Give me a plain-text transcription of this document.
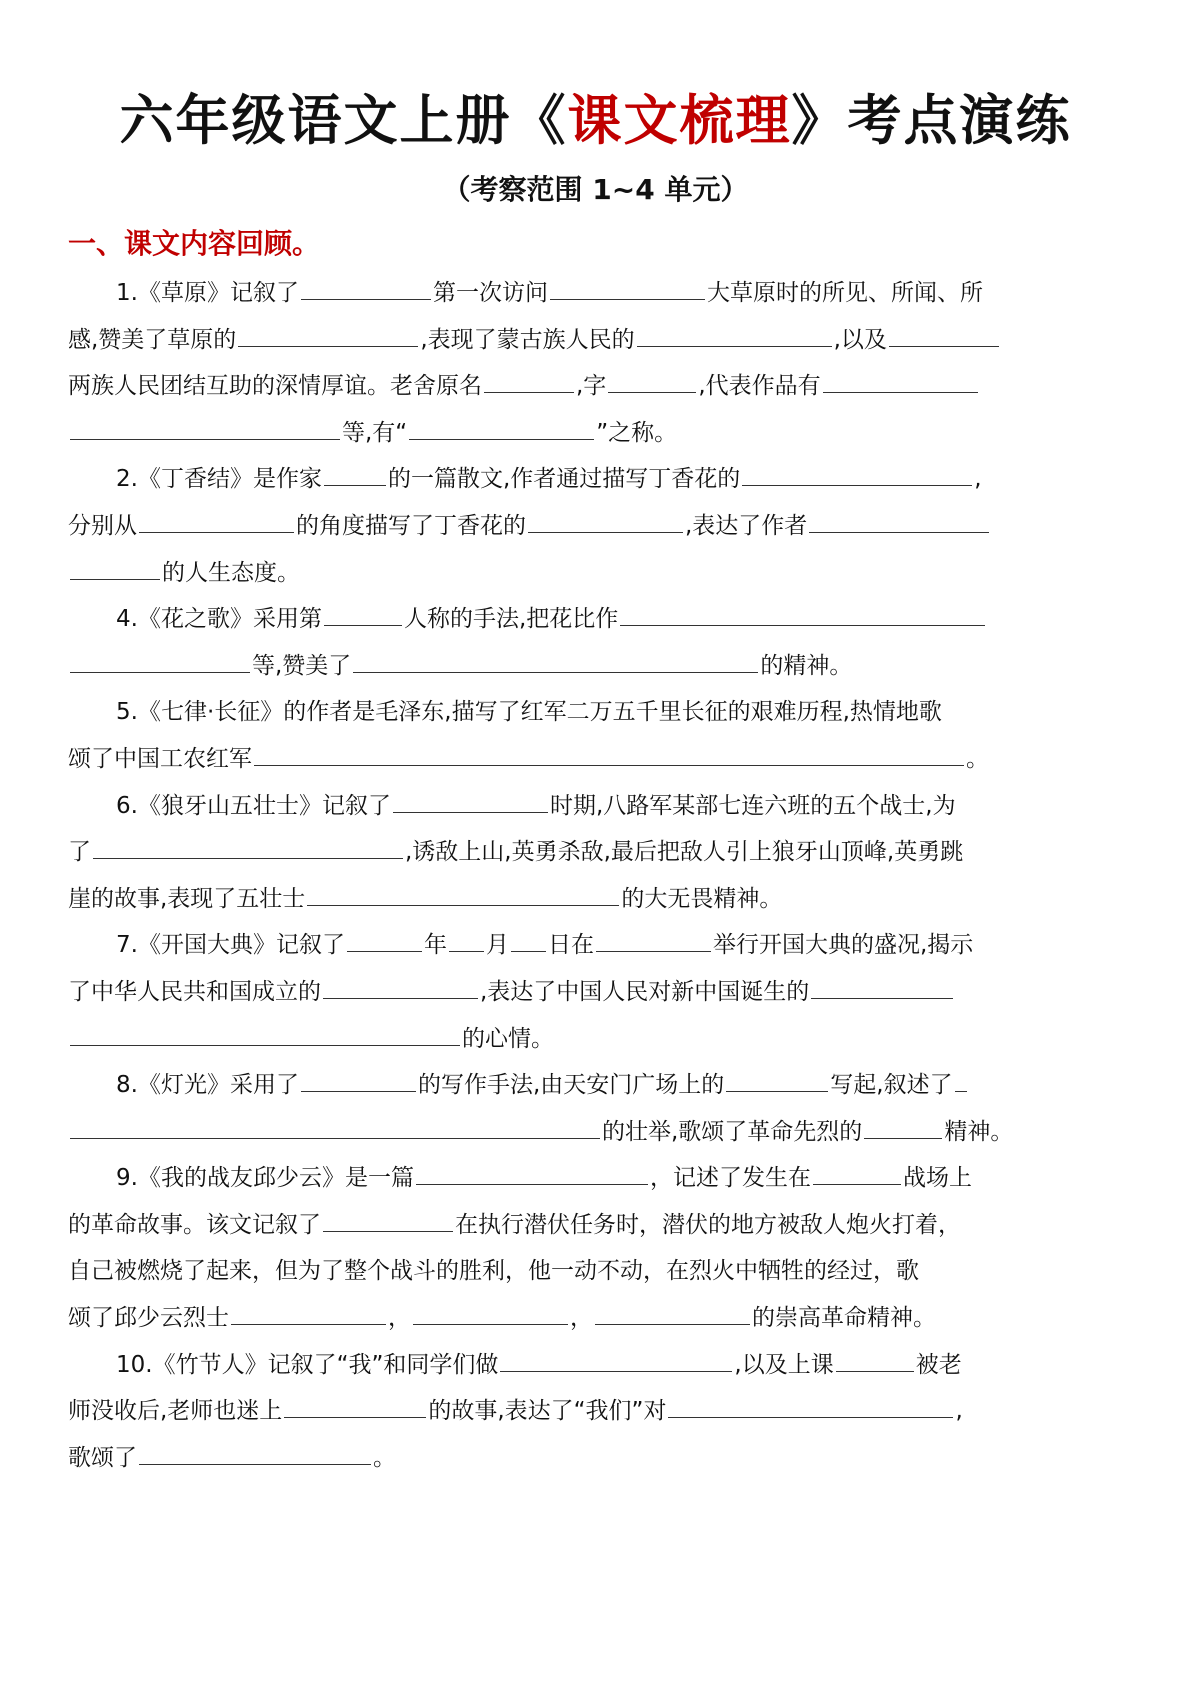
六年级语文上册《课文梳理》考点演练
（考察范围 1~4 单元）
一、课文内容回顾。
1.《草原》记叙了	第一次访问	大草原时的所见、所闻、所
感,赞美了草原的	,表现了蒙古族人民的	,以及
两族人民团结互助的深情厚谊。老舍原名	,字	,代表作品有
等,有“	”之称。
2.《丁香结》是作家	的一篇散文,作者通过描写丁香花的	,
分别从	的角度描写了丁香花的	,表达了作者
的人生态度。
4.《花之歌》采用第	人称的手法,把花比作
等,赞美了	的精神。
5.《七律·长征》的作者是毛泽东,描写了红军二万五千里长征的艰难历程,热情地歌
颂了中国工农红军	。
6.《狼牙山五壮士》记叙了	时期,八路军某部七连六班的五个战士,为
了	,诱敌上山,英勇杀敌,最后把敌人引上狼牙山顶峰,英勇跳
崖的故事,表现了五壮士	的大无畏精神。
7.《开国大典》记叙了	年 月 日在	举行开国大典的盛况,揭示
了中华人民共和国成立的	,表达了中国人民对新中国诞生的
的心情。
8.《灯光》采用了	的写作手法,由天安门广场上的	写起,叙述了
的壮举,歌颂了革命先烈的	精神。
9.《我的战友邱少云》是一篇	，记述了发生在	战场上
的革命故事。该文记叙了	在执行潜伏任务时，潜伏的地方被敌人炮火打着，
自己被燃烧了起来，但为了整个战斗的胜利，他一动不动，在烈火中牺牲的经过，歌
颂了邱少云烈士	，	，	的崇高革命精神。
10.《竹节人》记叙了“我”和同学们做	,以及上课	被老
师没收后,老师也迷上	的故事,表达了“我们”对	,
歌颂了	。
